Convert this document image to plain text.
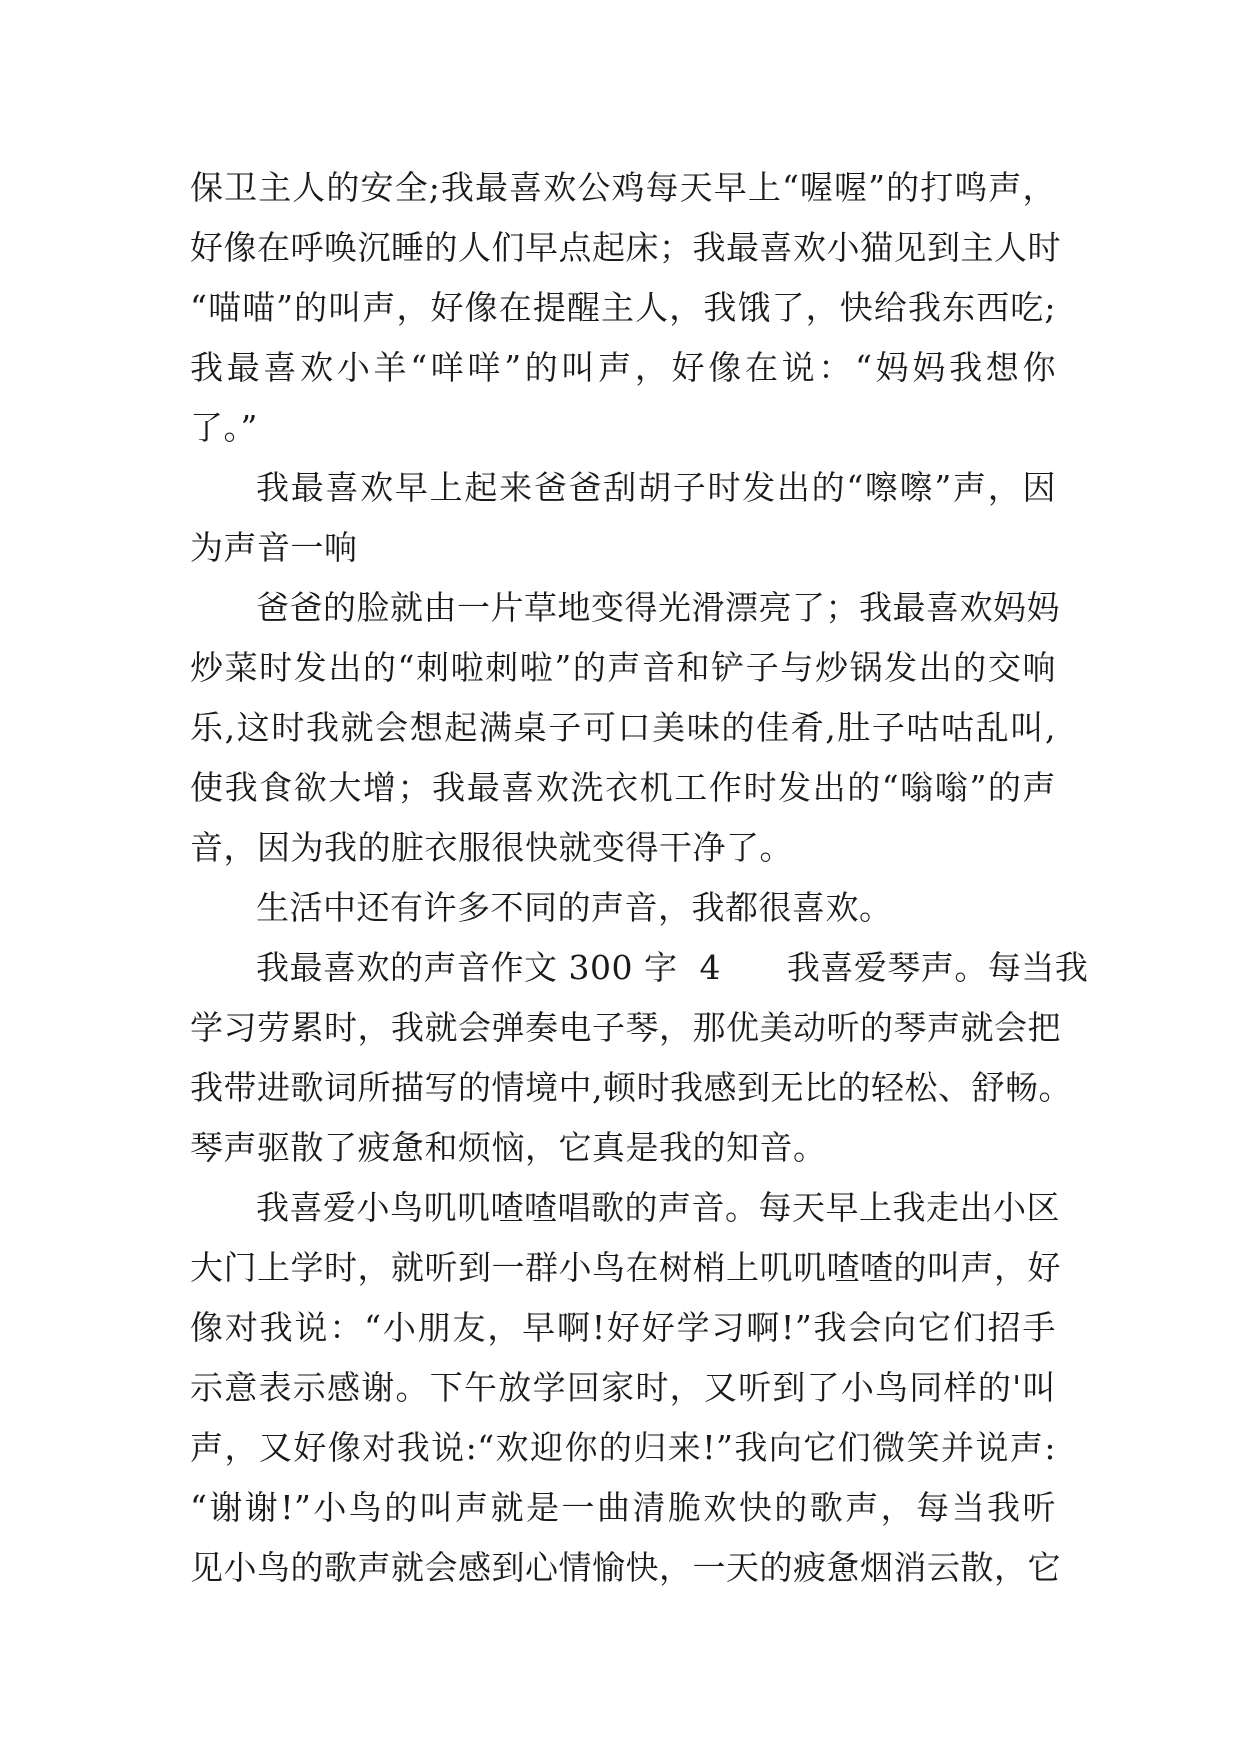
保卫主人的安全;我最喜欢公鸡每天早上“喔喔”的打鸣声，
好像在呼唤沉睡的人们早点起床；我最喜欢小猫见到主人时
“喵喵”的叫声，好像在提醒主人，我饿了，快给我东西吃;
我最喜欢小羊“咩咩”的叫声，好像在说：“妈妈我想你
了。”
我最喜欢早上起来爸爸刮胡子时发出的“嚓嚓”声，因
为声音一响
爸爸的脸就由一片草地变得光滑漂亮了；我最喜欢妈妈
炒菜时发出的“刺啦刺啦”的声音和铲子与炒锅发出的交响
乐,这时我就会想起满桌子可口美味的佳肴,肚子咕咕乱叫,
使我食欲大增；我最喜欢洗衣机工作时发出的“嗡嗡”的声
音，因为我的脏衣服很快就变得干净了。
生活中还有许多不同的声音，我都很喜欢。
我最喜欢的声音作文 300 字  4      我喜爱琴声。每当我
学习劳累时，我就会弹奏电子琴，那优美动听的琴声就会把
我带进歌词所描写的情境中,顿时我感到无比的轻松、舒畅。
琴声驱散了疲惫和烦恼，它真是我的知音。
我喜爱小鸟叽叽喳喳唱歌的声音。每天早上我走出小区
大门上学时，就听到一群小鸟在树梢上叽叽喳喳的叫声，好
像对我说：“小朋友，早啊!好好学习啊!”我会向它们招手
示意表示感谢。下午放学回家时，又听到了小鸟同样的'叫
声，又好像对我说:“欢迎你的归来!”我向它们微笑并说声:
“谢谢!”小鸟的叫声就是一曲清脆欢快的歌声，每当我听
见小鸟的歌声就会感到心情愉快，一天的疲惫烟消云散，它
